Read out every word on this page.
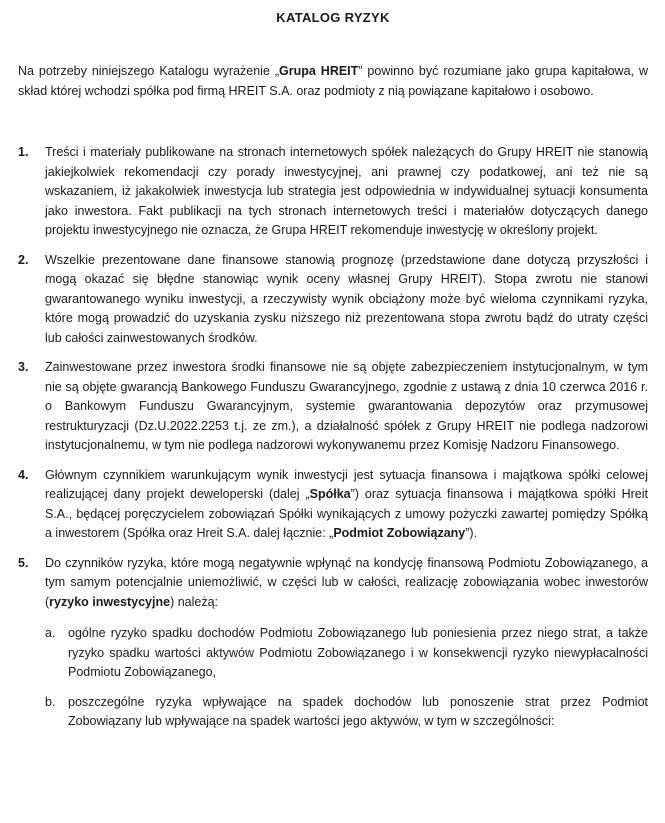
KATALOG RYZYK

Na potrzeby niniejszego Katalogu wyrażenie „Grupa HREIT” powinno być rozumiane jako grupa kapitałowa, w skład której wchodzi spółka pod firmą HREIT S.A. oraz podmioty z nią powiązane kapitałowo i osobowo.

1.	Treści i materiały publikowane na stronach internetowych spółek należących do Grupy HREIT nie stanowią jakiejkolwiek rekomendacji czy porady inwestycyjnej, ani prawnej czy podatkowej, ani też nie są wskazaniem, iż jakakolwiek inwestycja lub strategia jest odpowiednia w indywidualnej sytuacji konsumenta jako inwestora. Fakt publikacji na tych stronach internetowych treści i materiałów dotyczących danego projektu inwestycyjnego nie oznacza, że Grupa HREIT rekomenduje inwestycję w określony projekt.
2.	Wszelkie prezentowane dane finansowe stanowią prognozę (przedstawione dane dotyczą przyszłości i mogą okazać się błędne stanowiąc wynik oceny własnej Grupy HREIT). Stopa zwrotu nie stanowi gwarantowanego wyniku inwestycji, a rzeczywisty wynik obciążony może być wieloma czynnikami ryzyka, które mogą prowadzić do uzyskania zysku niższego niż prezentowana stopa zwrotu bądź do utraty części lub całości zainwestowanych środków.
3.	Zainwestowane przez inwestora środki finansowe nie są objęte zabezpieczeniem instytucjonalnym, w tym nie są objęte gwarancją Bankowego Funduszu Gwarancyjnego, zgodnie z ustawą z dnia 10 czerwca 2016 r. o Bankowym Funduszu Gwarancyjnym, systemie gwarantowania depozytów oraz przymusowej restrukturyzacji (Dz.U.2022.2253 t.j. ze zm.), a działalność spółek z Grupy HREIT nie podlega nadzorowi instytucjonalnemu, w tym nie podlega nadzorowi wykonywanemu przez Komisję Nadzoru Finansowego.
4.	Głównym czynnikiem warunkującym wynik inwestycji jest sytuacja finansowa i majątkowa spółki celowej realizującej dany projekt deweloperski (dalej „Spółka”) oraz sytuacja finansowa i majątkowa spółki Hreit S.A., będącej poręczycielem zobowiązań Spółki wynikających z umowy pożyczki zawartej pomiędzy Spółką a inwestorem (Spółka oraz Hreit S.A. dalej łącznie: „Podmiot Zobowiązany”).
5.	Do czynników ryzyka, które mogą negatywnie wpłynąć na kondycję finansową Podmiotu Zobowiązanego, a tym samym potencjalnie uniemożliwić, w części lub w całości, realizację zobowiązania wobec inwestorów (ryzyko inwestycyjne) należą:
a.	ogólne ryzyko spadku dochodów Podmiotu Zobowiązanego lub poniesienia przez niego strat, a także ryzyko spadku wartości aktywów Podmiotu Zobowiązanego i w konsekwencji ryzyko niewypłacalności Podmiotu Zobowiązanego,
b.	poszczególne ryzyka wpływające na spadek dochodów lub ponoszenie strat przez Podmiot Zobowiązany lub wpływające na spadek wartości jego aktywów, w tym w szczególności:
